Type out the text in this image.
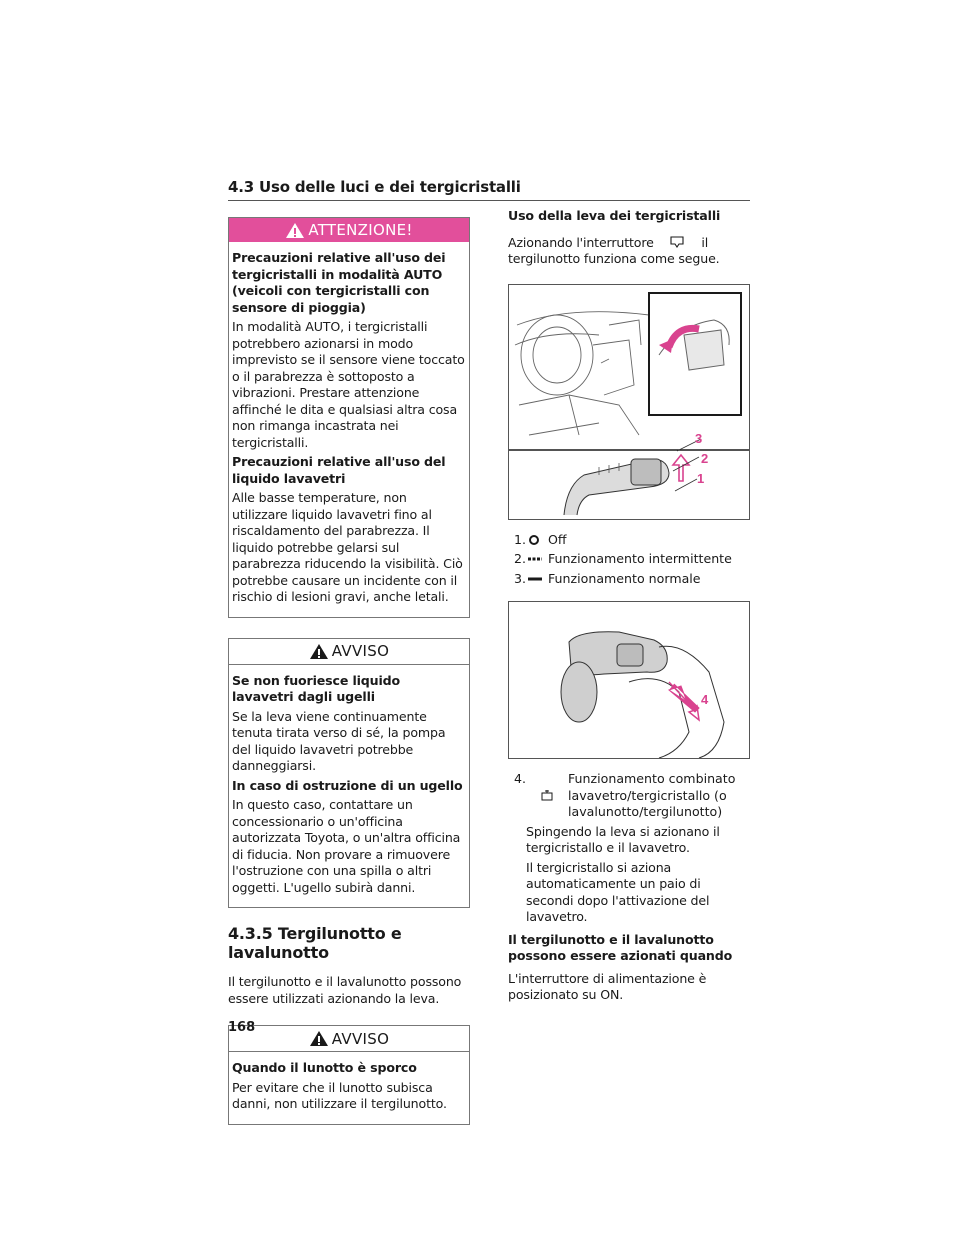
4.3 Uso delle luci e dei tergicristalli
ATTENZIONE!
Precauzioni relative all'uso dei tergicristalli in modalità AUTO (veicoli con tergicristalli con sensore di pioggia)

In modalità AUTO, i tergicristalli potrebbero azionarsi in modo imprevisto se il sensore viene toccato o il parabrezza è sottoposto a vibrazioni. Prestare attenzione affinché le dita e qualsiasi altra cosa non rimanga incastrata nei tergicristalli.

Precauzioni relative all'uso del liquido lavavetri

Alle basse temperature, non utilizzare liquido lavavetri fino al riscaldamento del parabrezza. Il liquido potrebbe gelarsi sul parabrezza riducendo la visibilità. Ciò potrebbe causare un incidente con il rischio di lesioni gravi, anche letali.

AVVISO
Se non fuoriesce liquido lavavetri dagli ugelli

Se la leva viene continuamente tenuta tirata verso di sé, la pompa del liquido lavavetri potrebbe danneggiarsi.

In caso di ostruzione di un ugello

In questo caso, contattare un concessionario o un'officina autorizzata Toyota, o un'altra officina di fiducia. Non provare a rimuovere l'ostruzione con una spilla o altri oggetti. L'ugello subirà danni.

4.3.5 Tergilunotto e lavalunotto

Il tergilunotto e il lavalunotto possono essere utilizzati azionando la leva.

AVVISO
Quando il lunotto è sporco

Per evitare che il lunotto subisca danni, non utilizzare il tergilunotto.

Uso della leva dei tergicristalli

Azionando l'interruttore	il
tergilunotto funziona come segue.

3
2
1
1.	Off
2.	Funzionamento intermittente
3.	Funzionamento normale
4
4.	Funzionamento combinato lavavetro/tergicristallo (o lavalunotto/tergilunotto)

Spingendo la leva si azionano il tergicristallo e il lavavetro.

Il tergicristallo si aziona automaticamente un paio di secondi dopo l'attivazione del lavavetro.

Il tergilunotto e il lavalunotto possono essere azionati quando

L'interruttore di alimentazione è posizionato su ON.

168
